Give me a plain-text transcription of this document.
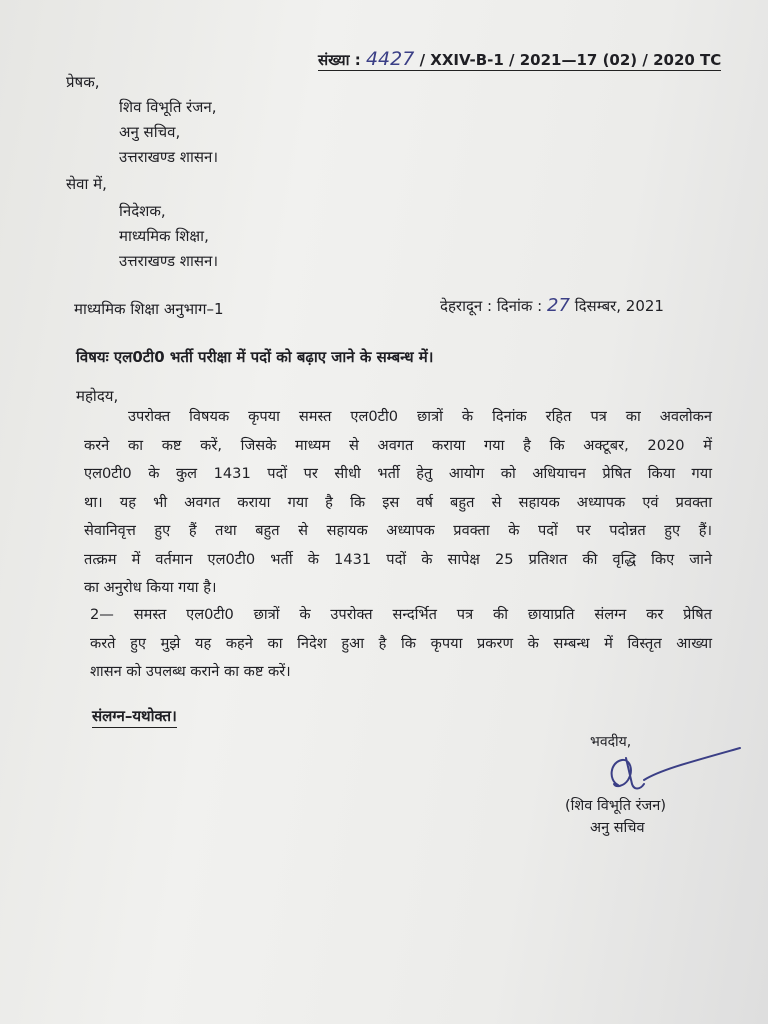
संख्या : 4427 / XXIV-B-1 / 2021—17 (02) / 2020 TC
प्रेषक,
शिव विभूति रंजन,
अनु सचिव,
उत्तराखण्ड शासन।
सेवा में,
निदेशक,
माध्यमिक शिक्षा,
उत्तराखण्ड शासन।
माध्यमिक शिक्षा अनुभाग–1	देहरादून : दिनांक : 27 दिसम्बर, 2021
विषयः एल0टी0 भर्ती परीक्षा में पदों को बढ़ाए जाने के सम्बन्ध में।
महोदय,
उपरोक्त विषयक कृपया समस्त एल0टी0 छात्रों के दिनांक रहित पत्र का अवलोकन
करने का कष्ट करें, जिसके माध्यम से अवगत कराया गया है कि अक्टूबर, 2020 में
एल0टी0 के कुल 1431 पदों पर सीधी भर्ती हेतु आयोग को अधियाचन प्रेषित किया गया
था। यह भी अवगत कराया गया है कि इस वर्ष बहुत से सहायक अध्यापक एवं प्रवक्ता
सेवानिवृत्त हुए हैं तथा बहुत से सहायक अध्यापक प्रवक्ता के पदों पर पदोन्नत हुए हैं।
तत्क्रम में वर्तमान एल0टी0 भर्ती के 1431 पदों के सापेक्ष 25 प्रतिशत की वृद्धि किए जाने
का अनुरोध किया गया है।
2— समस्त एल0टी0 छात्रों के उपरोक्त सन्दर्भित पत्र की छायाप्रति संलग्न कर प्रेषित
करते हुए मुझे यह कहने का निदेश हुआ है कि कृपया प्रकरण के सम्बन्ध में विस्तृत आख्या
शासन को उपलब्ध कराने का कष्ट करें।
संलग्न–यथोक्त।
भवदीय,
(शिव विभूति रंजन)
अनु सचिव
